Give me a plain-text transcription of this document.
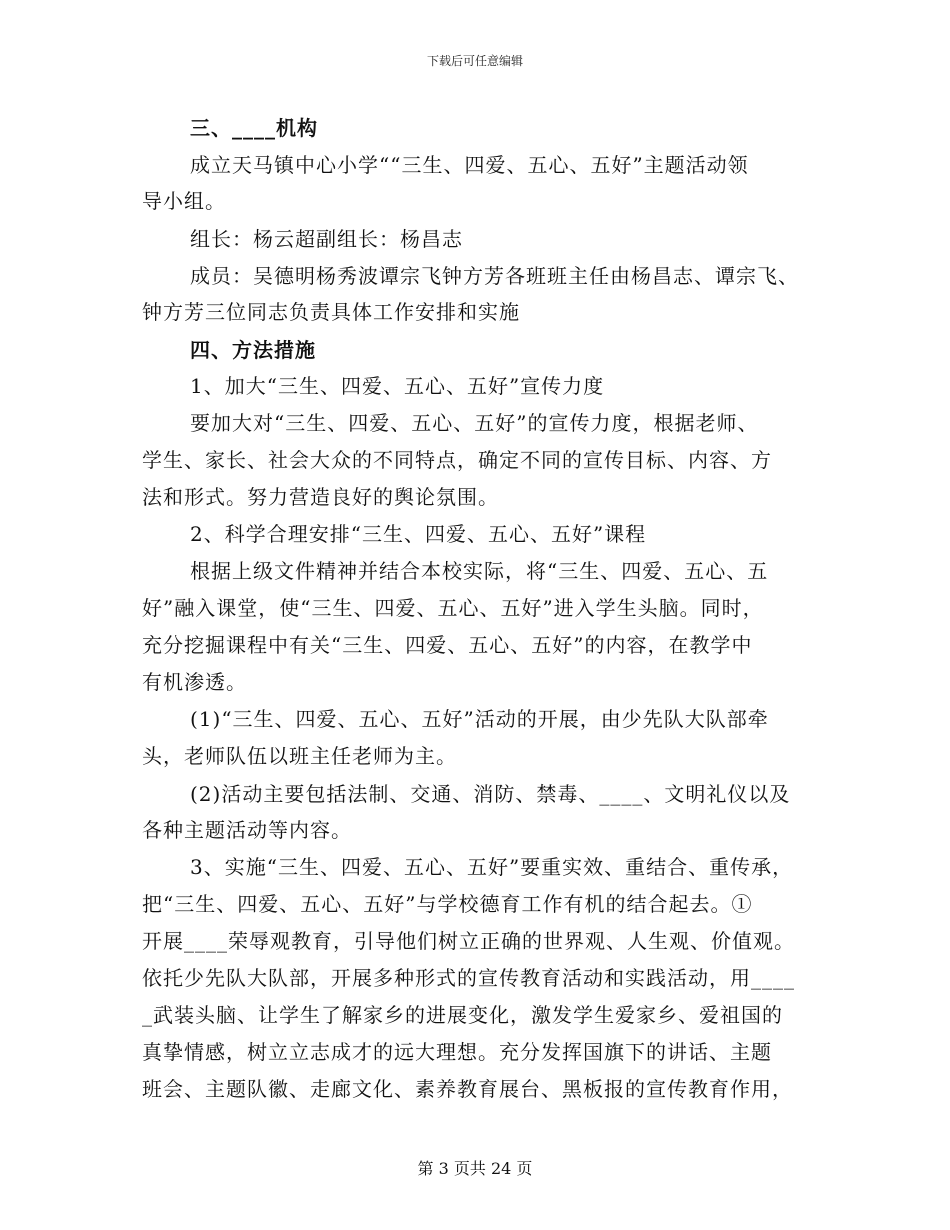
下载后可任意编辑
三、____机构
成立天马镇中心小学““三生、四爱、五心、五好”主题活动领
导小组。
组长：杨云超副组长：杨昌志
成员：吴德明杨秀波谭宗飞钟方芳各班班主任由杨昌志、谭宗飞、
钟方芳三位同志负责具体工作安排和实施
四、方法措施
1、加大“三生、四爱、五心、五好”宣传力度
要加大对“三生、四爱、五心、五好”的宣传力度，根据老师、
学生、家长、社会大众的不同特点，确定不同的宣传目标、内容、方
法和形式。努力营造良好的舆论氛围。
2、科学合理安排“三生、四爱、五心、五好”课程
根据上级文件精神并结合本校实际，将“三生、四爱、五心、五
好”融入课堂，使“三生、四爱、五心、五好”进入学生头脑。同时，
充分挖掘课程中有关“三生、四爱、五心、五好”的内容，在教学中
有机渗透。
(1)“三生、四爱、五心、五好”活动的开展，由少先队大队部牵
头，老师队伍以班主任老师为主。
(2)活动主要包括法制、交通、消防、禁毒、____、文明礼仪以及
各种主题活动等内容。
3、实施“三生、四爱、五心、五好”要重实效、重结合、重传承，
把“三生、四爱、五心、五好”与学校德育工作有机的结合起去。①
开展____荣辱观教育，引导他们树立正确的世界观、人生观、价值观。
依托少先队大队部，开展多种形式的宣传教育活动和实践活动，用____
_武装头脑、让学生了解家乡的进展变化，激发学生爱家乡、爱祖国的
真挚情感，树立立志成才的远大理想。充分发挥国旗下的讲话、主题
班会、主题队徽、走廊文化、素养教育展台、黑板报的宣传教育作用，
第 3 页共 24 页
